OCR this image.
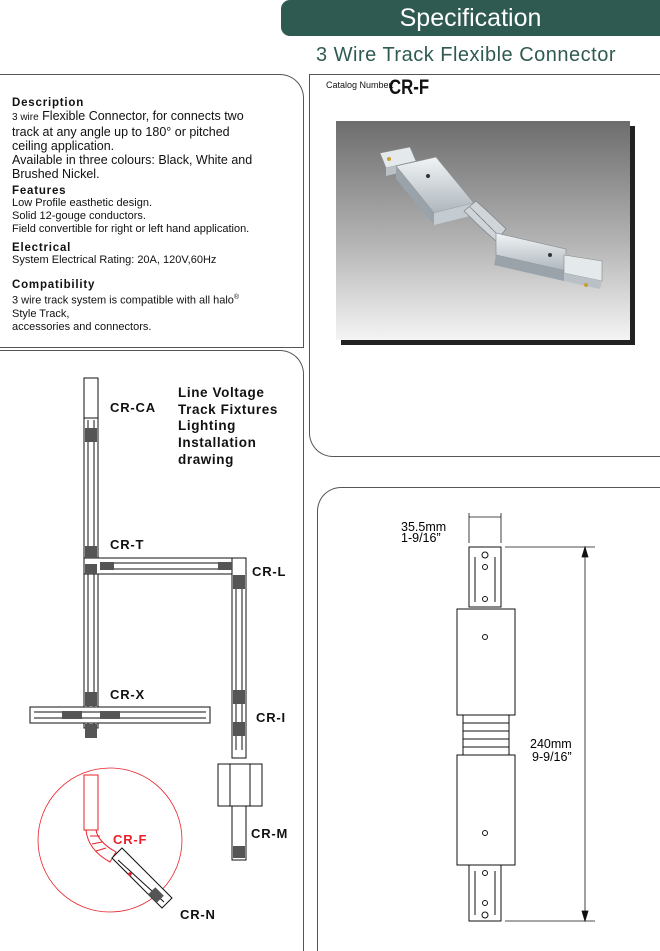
Specification
3 Wire Track Flexible Connector

Description

3 wire Flexible Connector, for connects two
track at any angle up to 180° or pitched
ceiling application.
Available in three colours: Black, White and
Brushed Nickel.

Features

Low Profile easthetic design.
Solid 12-gouge conductors.
Field convertible for right or left hand application.

Electrical

System Electrical Rating: 20A, 120V,60Hz

Compatibility

3 wire track system is compatible with all halo®
Style Track,
accessories and connectors.

Catalog Number:
CR-F
CR-CA
CR-T
CR-L
CR-X
CR-I
CR-M
CR-F
CR-N
Line Voltage
Track Fixtures
Lighting
Installation
drawing
35.5mm
1-9/16”
240mm
9-9/16”
